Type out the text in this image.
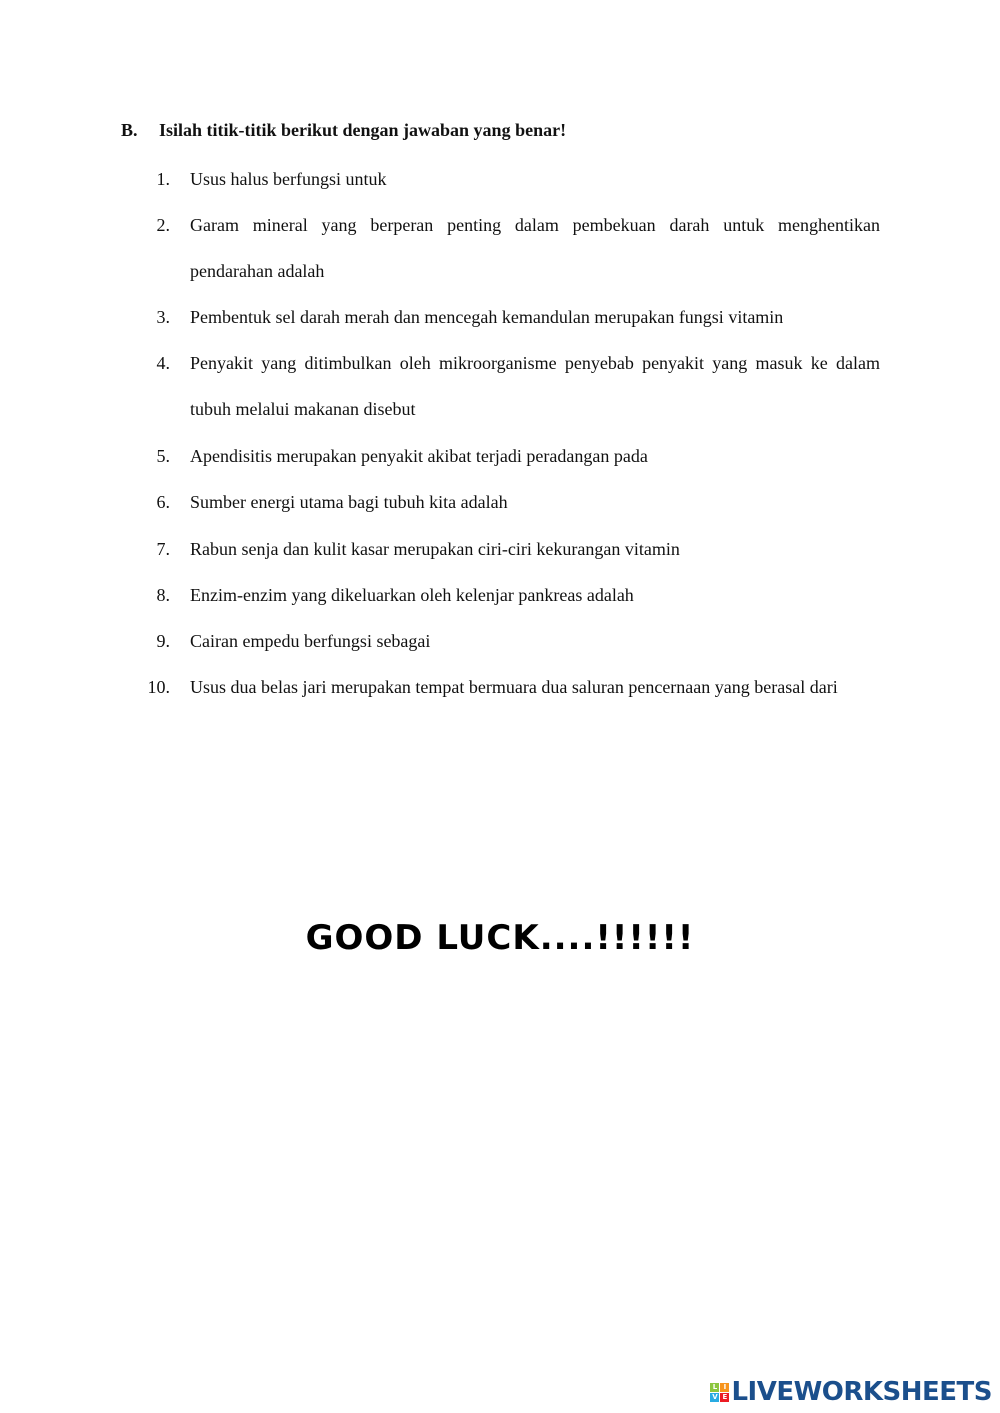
B.	Isilah titik-titik berikut dengan jawaban yang benar!
1. Usus halus berfungsi untuk
2. Garam mineral yang berperan penting dalam pembekuan darah untuk menghentikan pendarahan adalah
3. Pembentuk sel darah merah dan mencegah kemandulan merupakan fungsi vitamin
4. Penyakit yang ditimbulkan oleh mikroorganisme penyebab penyakit yang masuk ke dalam tubuh melalui makanan disebut
5. Apendisitis merupakan penyakit akibat terjadi peradangan pada
6. Sumber energi utama bagi tubuh kita adalah
7. Rabun senja dan kulit kasar merupakan ciri-ciri kekurangan vitamin
8. Enzim-enzim yang dikeluarkan oleh kelenjar pankreas adalah
9. Cairan empedu berfungsi sebagai
10. Usus dua belas jari merupakan tempat bermuara dua saluran pencernaan yang berasal dari
GOOD LUCK....!!!!!!
L I
V E LIVEWORKSHEETS
